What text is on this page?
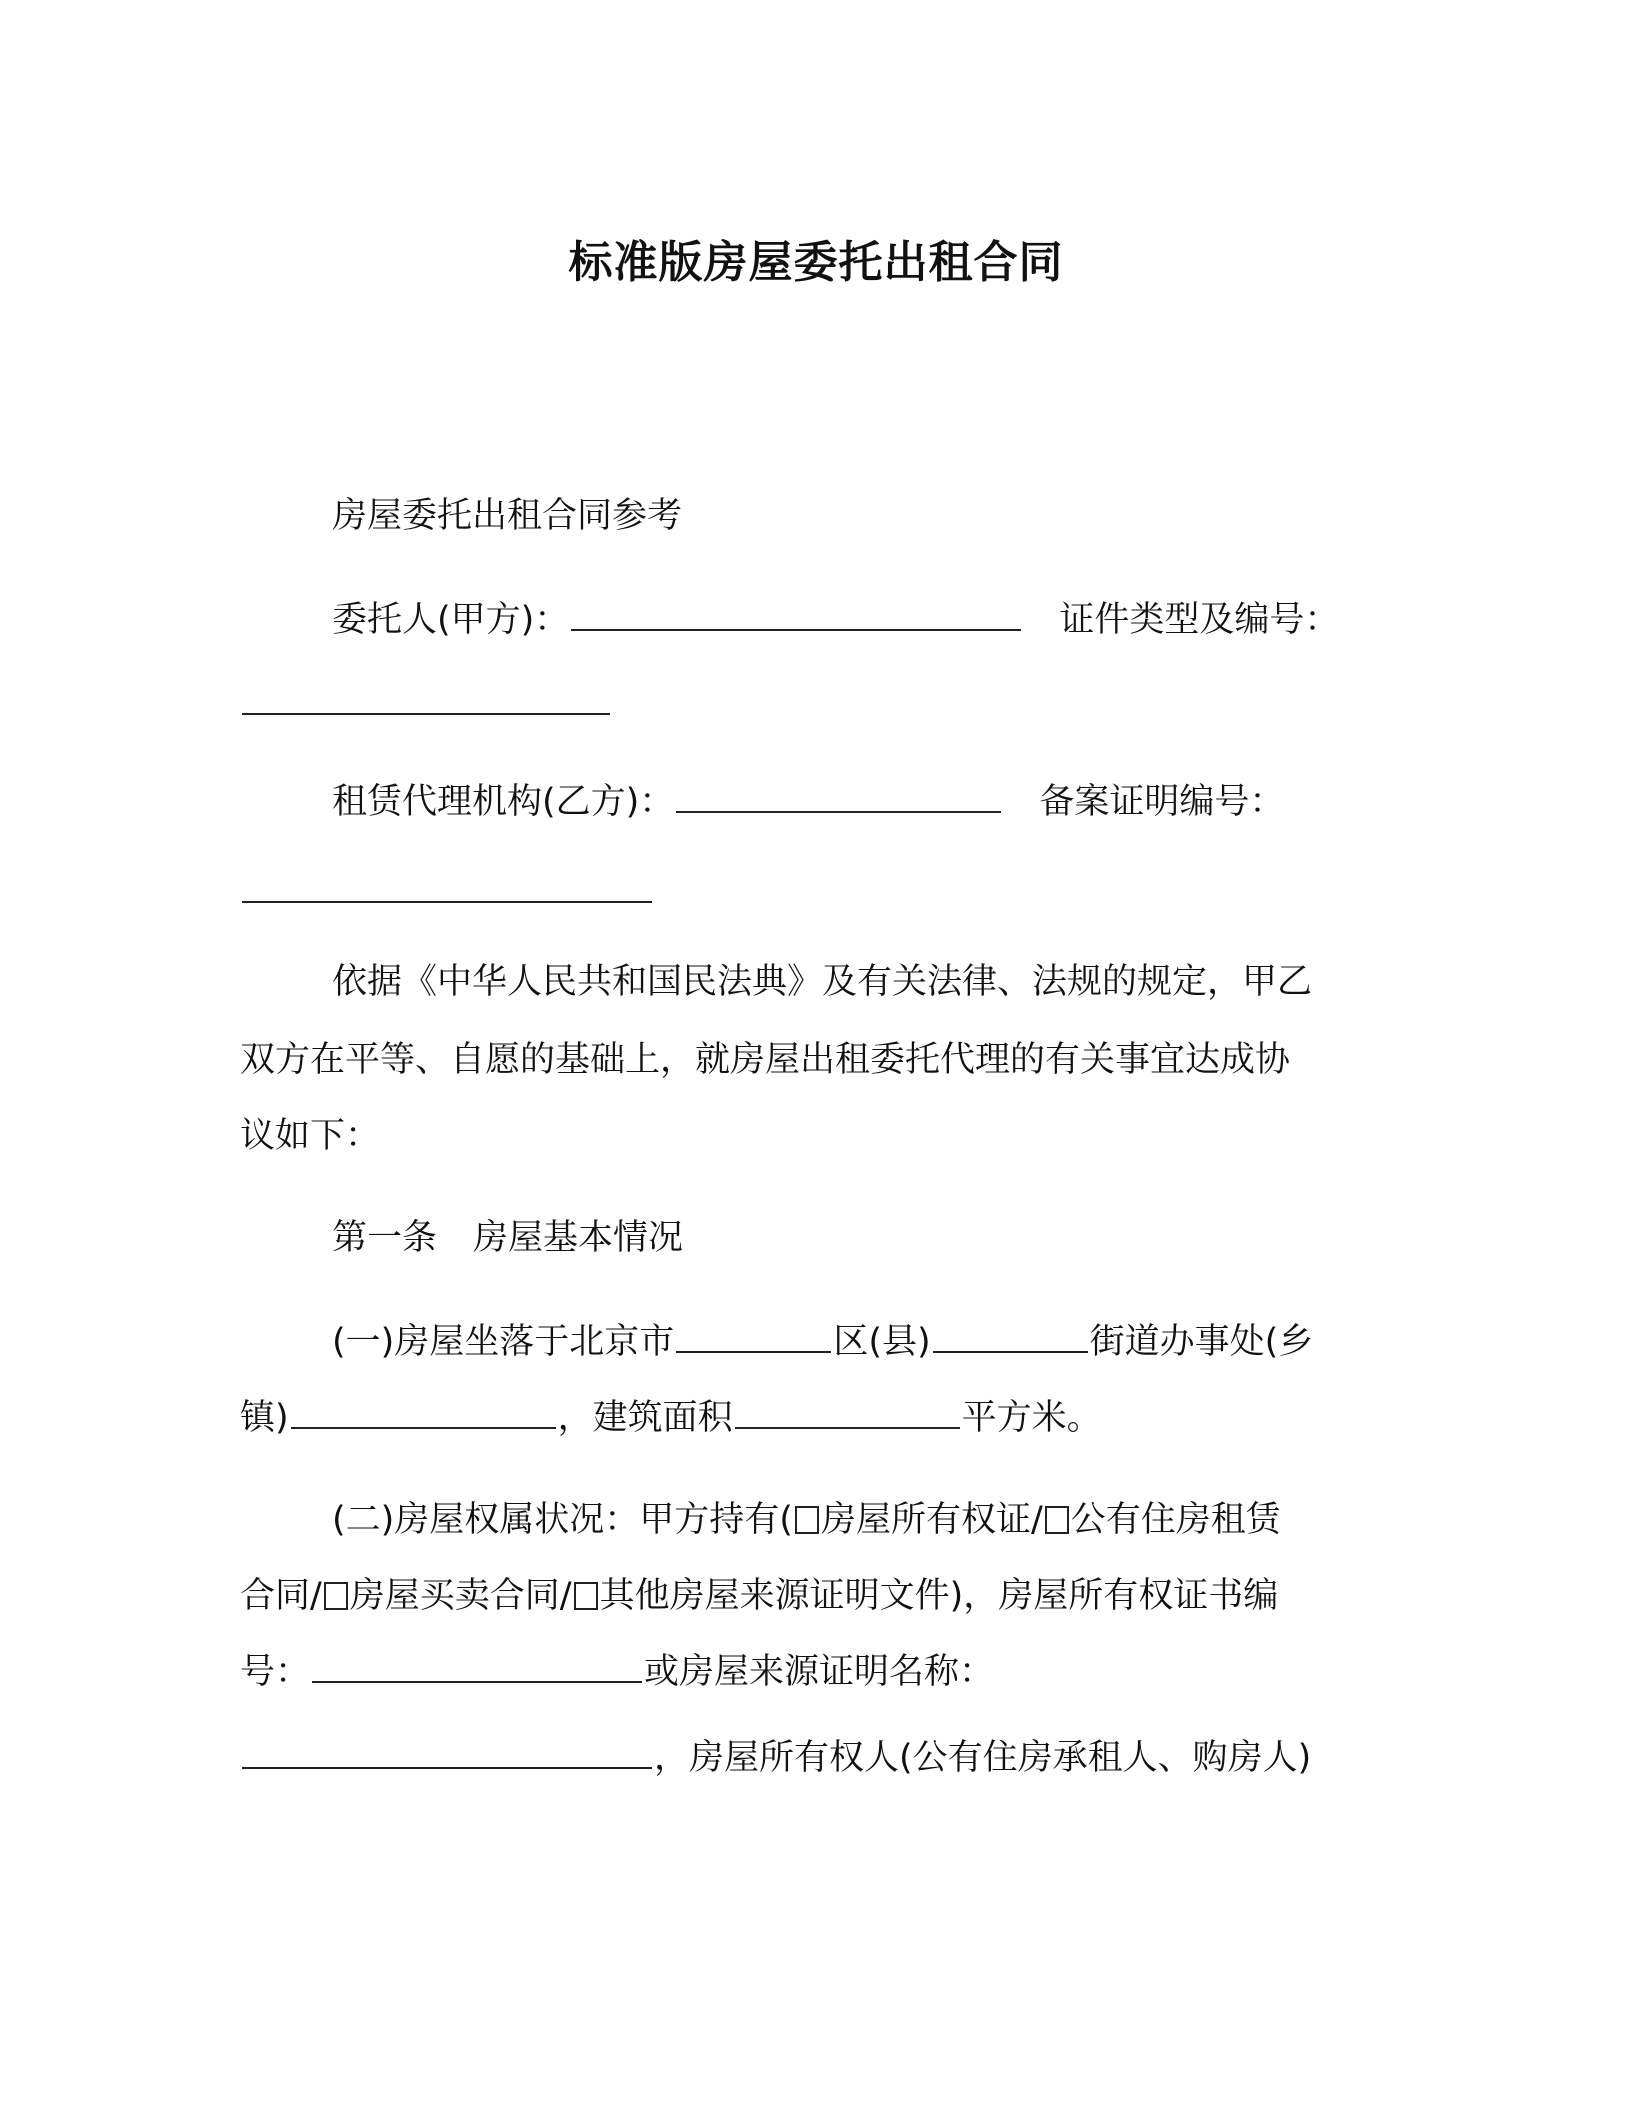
标准版房屋委托出租合同
房屋委托出租合同参考
委托人(甲方)：	证件类型及编号：
租赁代理机构(乙方)：	备案证明编号：
依据《中华人民共和国民法典》及有关法律、法规的规定，甲乙
双方在平等、自愿的基础上，就房屋出租委托代理的有关事宜达成协
议如下：
第一条 房屋基本情况
(一)房屋坐落于北京市	区(县)	街道办事处(乡
镇)	，建筑面积	平方米。
(二)房屋权属状况：甲方持有( 房屋所有权证/ 公有住房租赁
合同/ 房屋买卖合同/ 其他房屋来源证明文件)，房屋所有权证书编
号：	或房屋来源证明名称：
，房屋所有权人(公有住房承租人、购房人)
